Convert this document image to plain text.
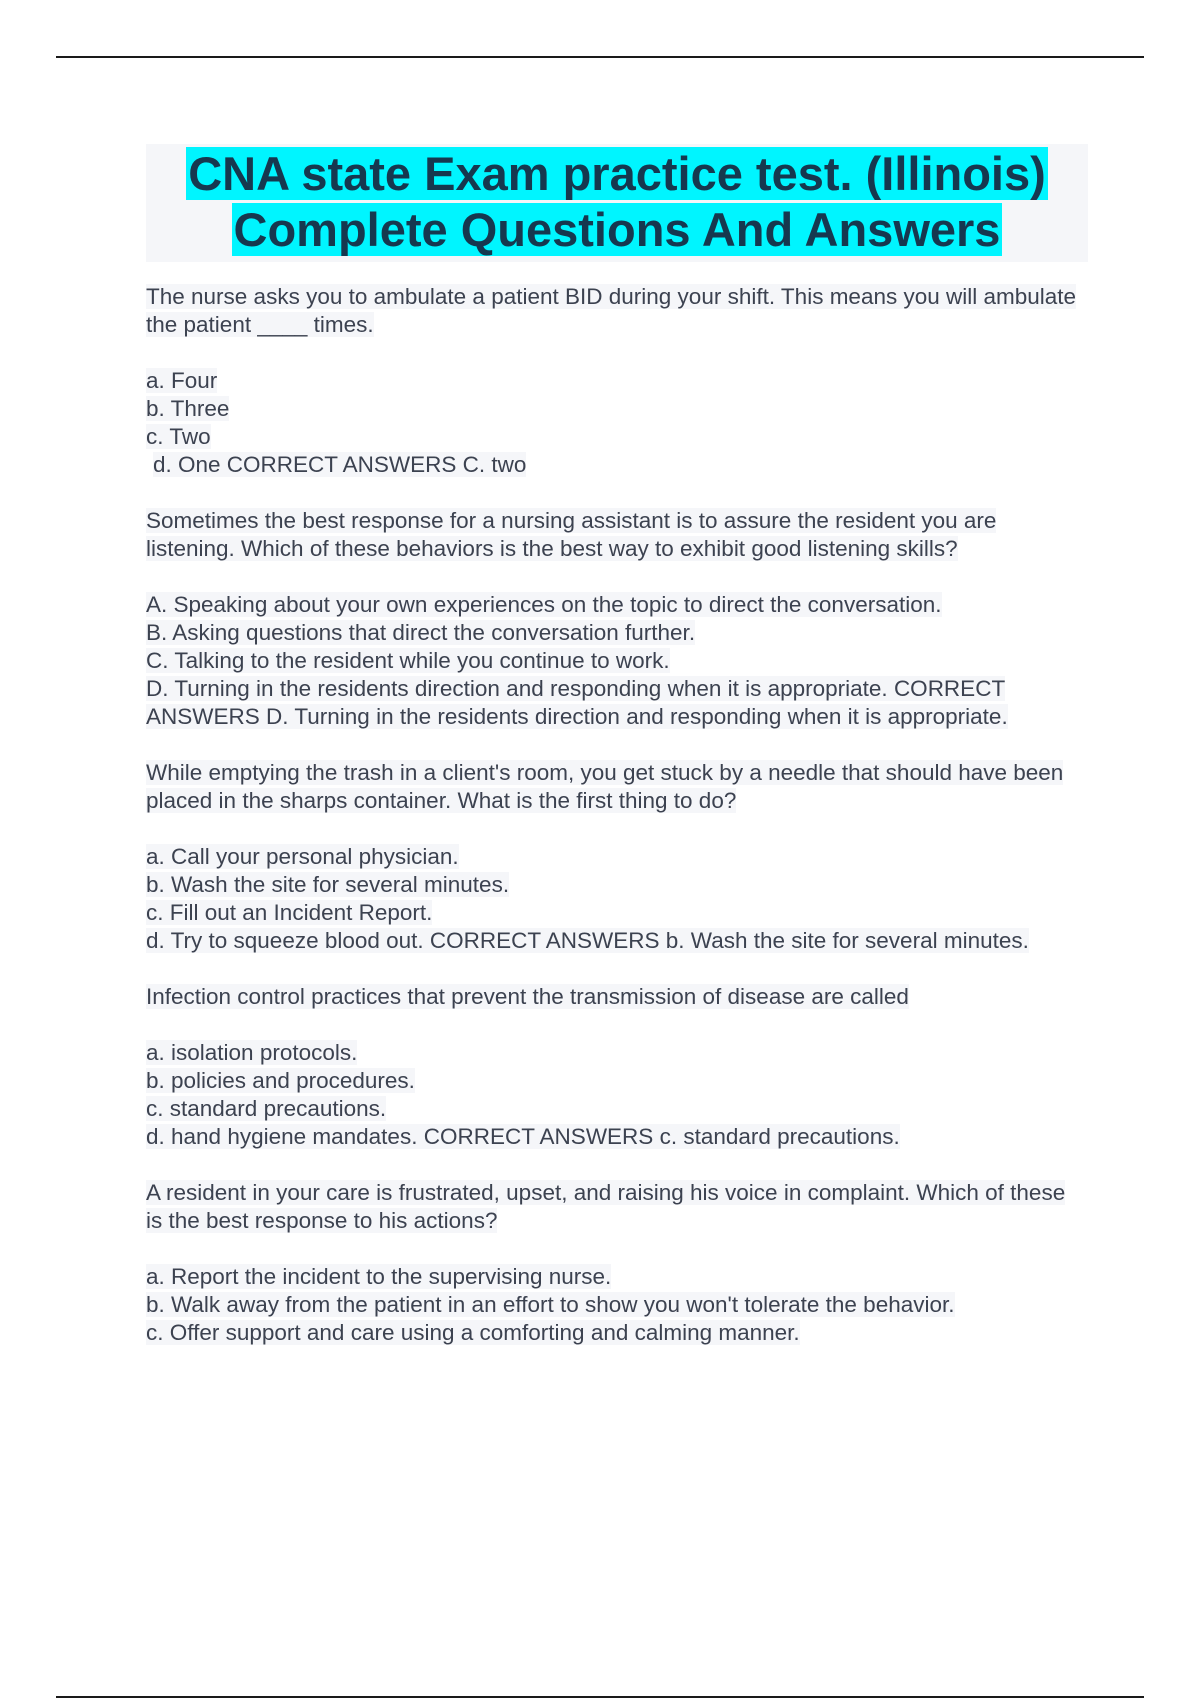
CNA state Exam practice test. (Illinois)
Complete Questions And Answers
The nurse asks you to ambulate a patient BID during your shift. This means you will ambulate the patient ____ times.
a. Four
b. Three
c. Two
d. One CORRECT ANSWERS C. two
Sometimes the best response for a nursing assistant is to assure the resident you are listening. Which of these behaviors is the best way to exhibit good listening skills?
A. Speaking about your own experiences on the topic to direct the conversation.
B. Asking questions that direct the conversation further.
C. Talking to the resident while you continue to work.
D. Turning in the residents direction and responding when it is appropriate. CORRECT ANSWERS D. Turning in the residents direction and responding when it is appropriate.
While emptying the trash in a client's room, you get stuck by a needle that should have been placed in the sharps container. What is the first thing to do?
a. Call your personal physician.
b. Wash the site for several minutes.
c. Fill out an Incident Report.
d. Try to squeeze blood out. CORRECT ANSWERS b. Wash the site for several minutes.
Infection control practices that prevent the transmission of disease are called
a. isolation protocols.
b. policies and procedures.
c. standard precautions.
d. hand hygiene mandates. CORRECT ANSWERS c. standard precautions.
A resident in your care is frustrated, upset, and raising his voice in complaint. Which of these is the best response to his actions?
a. Report the incident to the supervising nurse.
b. Walk away from the patient in an effort to show you won't tolerate the behavior.
c. Offer support and care using a comforting and calming manner.
